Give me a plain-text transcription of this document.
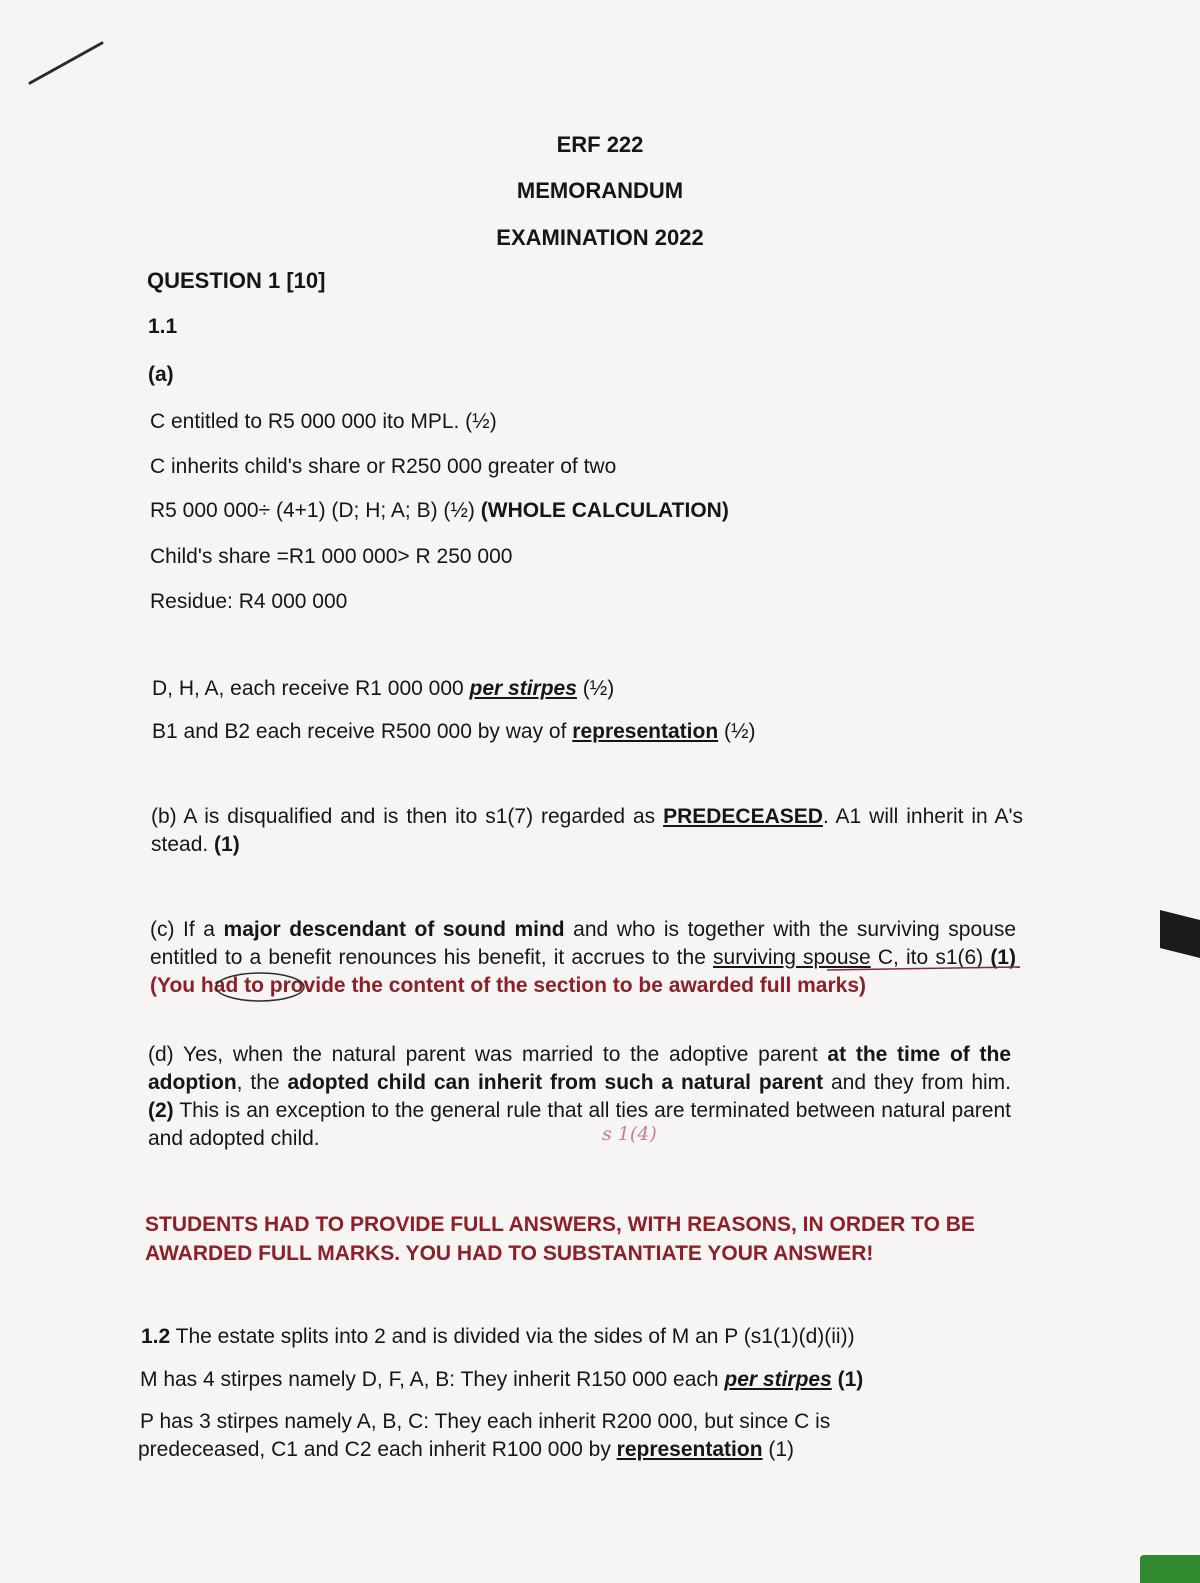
ERF 222

MEMORANDUM

EXAMINATION 2022

QUESTION 1 [10]

1.1

(a)

C entitled to R5 000 000 ito MPL. (½)

C inherits child's share or R250 000 greater of two

R5 000 000÷ (4+1) (D; H; A; B) (½) (WHOLE CALCULATION)

Child's share =R1 000 000> R 250 000

Residue: R4 000 000

D, H, A, each receive R1 000 000 per stirpes (½)

B1 and B2 each receive R500 000 by way of representation (½)

(b) A is disqualified and is then ito s1(7) regarded as PREDECEASED. A1 will inherit in A's stead. (1)

(c) If a major descendant of sound mind and who is together with the surviving spouse entitled to a benefit renounces his benefit, it accrues to the surviving spouse C, ito s1(6) (1)(You had to provide the content of the section to be awarded full marks)

(d) Yes, when the natural parent was married to the adoptive parent at the time of the adoption, the adopted child can inherit from such a natural parent and they from him. (2) This is an exception to the general rule that all ties are terminated between natural parent and adopted child.	s 1(4)

STUDENTS HAD TO PROVIDE FULL ANSWERS, WITH REASONS, IN ORDER TO BE AWARDED FULL MARKS. YOU HAD TO SUBSTANTIATE YOUR ANSWER!

1.2 The estate splits into 2 and is divided via the sides of M an P (s1(1)(d)(ii))

M has 4 stirpes namely D, F, A, B: They inherit R150 000 each per stirpes (1)

P has 3 stirpes namely A, B, C: They each inherit R200 000, but since C is

predeceased, C1 and C2 each inherit R100 000 by representation (1)
